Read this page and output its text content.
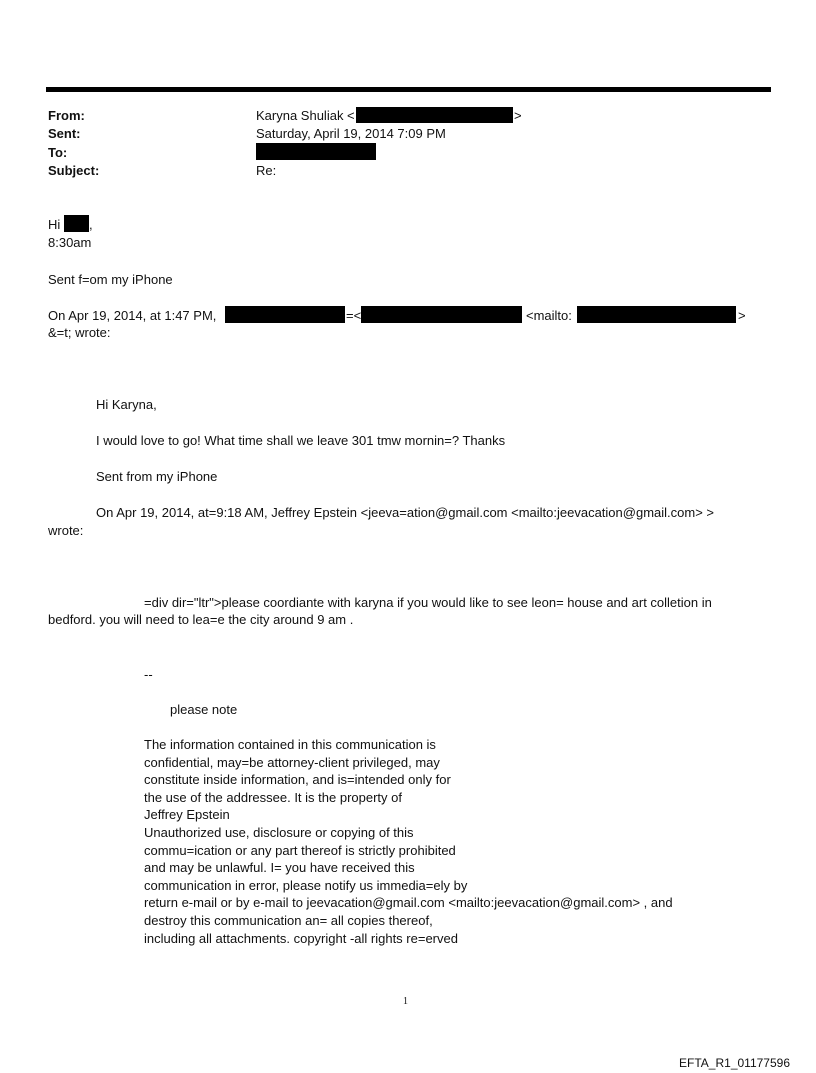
From:	Karyna Shuliak <	>
Sent:	Saturday, April 19, 2014 7:09 PM
To:
Subject:	Re:
Hi ,
8:30am
Sent f=om my iPhone
On Apr 19, 2014, at 1:47 PM,	=<	<mailto:	>
&=t; wrote:
Hi Karyna,
I would love to go! What time shall we leave 301 tmw mornin=? Thanks
Sent from my iPhone
On Apr 19, 2014, at=9:18 AM, Jeffrey Epstein <jeeva=ation@gmail.com <mailto:jeevacation@gmail.com> >
wrote:
=div dir="ltr">please coordiante with karyna if you would like to see leon= house and art colletion in
bedford. you will need to lea=e the city around 9 am .
--
please note
The information contained in this communication is
confidential, may=be attorney-client privileged, may
constitute inside information, and is=intended only for
the use of the addressee. It is the property of
Jeffrey Epstein
Unauthorized use, disclosure or copying of this
commu=ication or any part thereof is strictly prohibited
and may be unlawful. I= you have received this
communication in error, please notify us immedia=ely by
return e-mail or by e-mail to jeevacation@gmail.com <mailto:jeevacation@gmail.com> , and
destroy this communication an= all copies thereof,
including all attachments. copyright -all rights re=erved
1
EFTA_R1_01177596
